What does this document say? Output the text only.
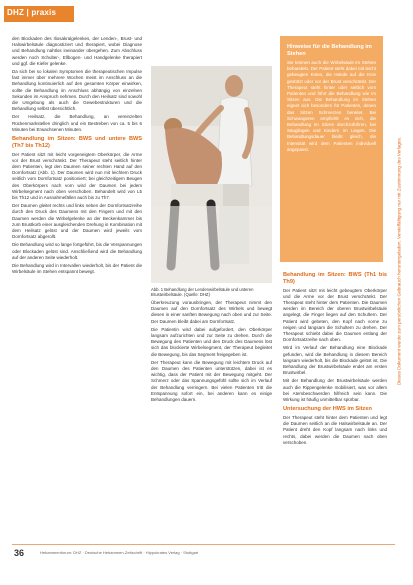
DHZ | praxis

den Blockaden des Iliosakralgelenkes, der Lenden-, Brust- und Halswirbelsäule diagnostiziert und therapiert, wobei Diagnose und Behandlung nahtlos ineinander übergehen. Zum Abschluss werden noch Schulter-, Ellbogen- und Handgelenke therapiert und ggf. die Kiefer gelenke.

Da sich bei so lokalen Symptomen die therapeutischen Impulse fast immer über mehrere Wochen meist im Anschluss an die Behandlung kontinuierlich auf den gesamten Körper einwirken, sollte die Behandlung im Anschluss abhängig von einzelnen Sekunden im Anspruch nehmen. Durch den Heilsatz sind sowohl die Umgebung als auch die Gewebestrukturen und die Behandlung selbst übersichtlich.

Der Heilsatz, die Behandlung, an vereinzelten Rückenmarkstellen dringlich und ein Bestreben von ca. 5 bis 6 Minuten bei Erwachsenen Minuten.

Behandlung im Sitzen: BWS und untere BWS (Th7 bis Th12)

Der Patient sitzt mit leicht vorgeneigtem Oberkörper, die Arme vor der Brust verschränkt. Der Therapeut steht seitlich hinter dem Patienten, legt den Daumen seiner rechten Hand auf den Dornfortsatz (Abb. 1). Der Daumen wird nun mit leichtem Druck seitlich vom Dornfortsatz positioniert; bei gleichzeitigem Beugen des Oberkörpers nach vorn wird der Daumen bei jedem Wirbelsegment nach oben verschoben. Behandelt wird von L5 bis Th12 und in Ausnahmefällen auch bis zu Th7.

Der Daumen gleitet rechts und links neben der Dornfortsatzreihe durch den Druck des Daumens mit den Fingern und mit den Daumen werden die Wirbelgelenke an der Beckenkammer bis zum Brustkorb einer ausgleichenden Drehung in Kombination mit dem Heilsatz gelöst und der Daumen wird jeweils vom Dornfortsatz abgerollt.

Die Behandlung wird so lange fortgeführt, bis die Verspannungen oder Blockaden gelöst sind. Anschließend wird die Behandlung auf der anderen Seite wiederholt.

Die Behandlung wird in Intervallen wiederholt, bis der Patient die Wirbelsäule im Stehen entspannt bewegt.

Abb. 1 Behandlung der Lendenwirbelsäule und unteren Brustwirbelsäule. (Quelle: DHZ)

Überkreuzung vorausbringen, der Therapeut nimmt den Daumen auf den Dornfortsatz des Wirbels und bewegt diesen in einer sanften Bewegung nach oben und zur Seite. Der Daumen bleibt dabei am Dornfortsatz.

Die Patientin wird dabei aufgefordert, den Oberkörper langsam aufzurichten und zur Seite zu drehen. Durch die Bewegung des Patienten und den Druck des Daumens löst sich das blockierte Wirbelsegment, der Therapeut begleitet die Bewegung, bis das Segment freigegeben ist.

Der Therapeut kann die Bewegung mit leichtem Druck auf den Daumen des Patienten unterstützen, dabei ist es wichtig, dass der Patient mit der Bewegung mitgeht. Der Schmerz oder das Spannungsgefühl sollte sich im Verlauf der Behandlung verringern. Bei vielen Patienten tritt die Entspannung sofort ein, bei anderen kann es einige Behandlungen dauern.

Hinweise für die Behandlung im Stehen
Sie können auch die Wirbelsäule im Stehen behandeln. Der Patient steht dabei mit leicht gebeugten Knien, die Hände auf die Knie gestützt oder vor der Brust verschränkt. Der Therapeut steht hinter oder seitlich vom Patienten und führt die Behandlung wie im Sitzen aus. Die Behandlung im Stehen eignet sich besonders für Patienten, denen das Sitzen Schmerzen bereitet. Bei Schwangeren empfiehlt es sich, die Behandlung im Sitzen durchzuführen, bei Säuglingen und Kindern im Liegen. Die Behandlungsdauer bleibt gleich, die Intensität wird dem Patienten individuell angepasst.
Behandlung im Sitzen: BWS (Th1 bis Th9)

Der Patient sitzt mit leicht gebeugtem Oberkörper und die Arme vor der Brust verschränkt. Der Therapeut steht hinter dem Patienten. Die Daumen werden im Bereich der oberen Brustwirbelsäule angelegt, die Finger liegen auf den Schultern. Der Patient wird gebeten, den Kopf nach vorne zu neigen und langsam die Schultern zu drehen. Der Therapeut schiebt dabei die Daumen entlang der Dornfortsatzreihe nach oben.

Wird im Verlauf der Behandlung eine Blockade gefunden, wird die Behandlung in diesem Bereich langsam wiederholt, bis die Blockade gelöst ist. Die Behandlung der Brustwirbelsäule endet am ersten Brustwirbel.

Mit der Behandlung der Brustwirbelsäule werden auch die Rippengelenke mobilisiert, was vor allem bei Atembeschwerden hilfreich sein kann. Die Wirkung ist häufig unmittelbar spürbar.

Untersuchung der HWS im Sitzen

Der Therapeut steht hinter dem Patienten und legt die Daumen seitlich an die Halswirbelsäule an. Der Patient dreht den Kopf langsam nach links und rechts, dabei werden die Daumen nach oben verschoben.

Dieses Dokument wurde zum persönlichen Gebrauch heruntergeladen. Vervielfältigung nur mit Zustimmung des Verlages.
36	Hebammenforum: DHZ · Deutsche Hebammen-Zeitschrift · Hippokrates Verlag · Stuttgart
